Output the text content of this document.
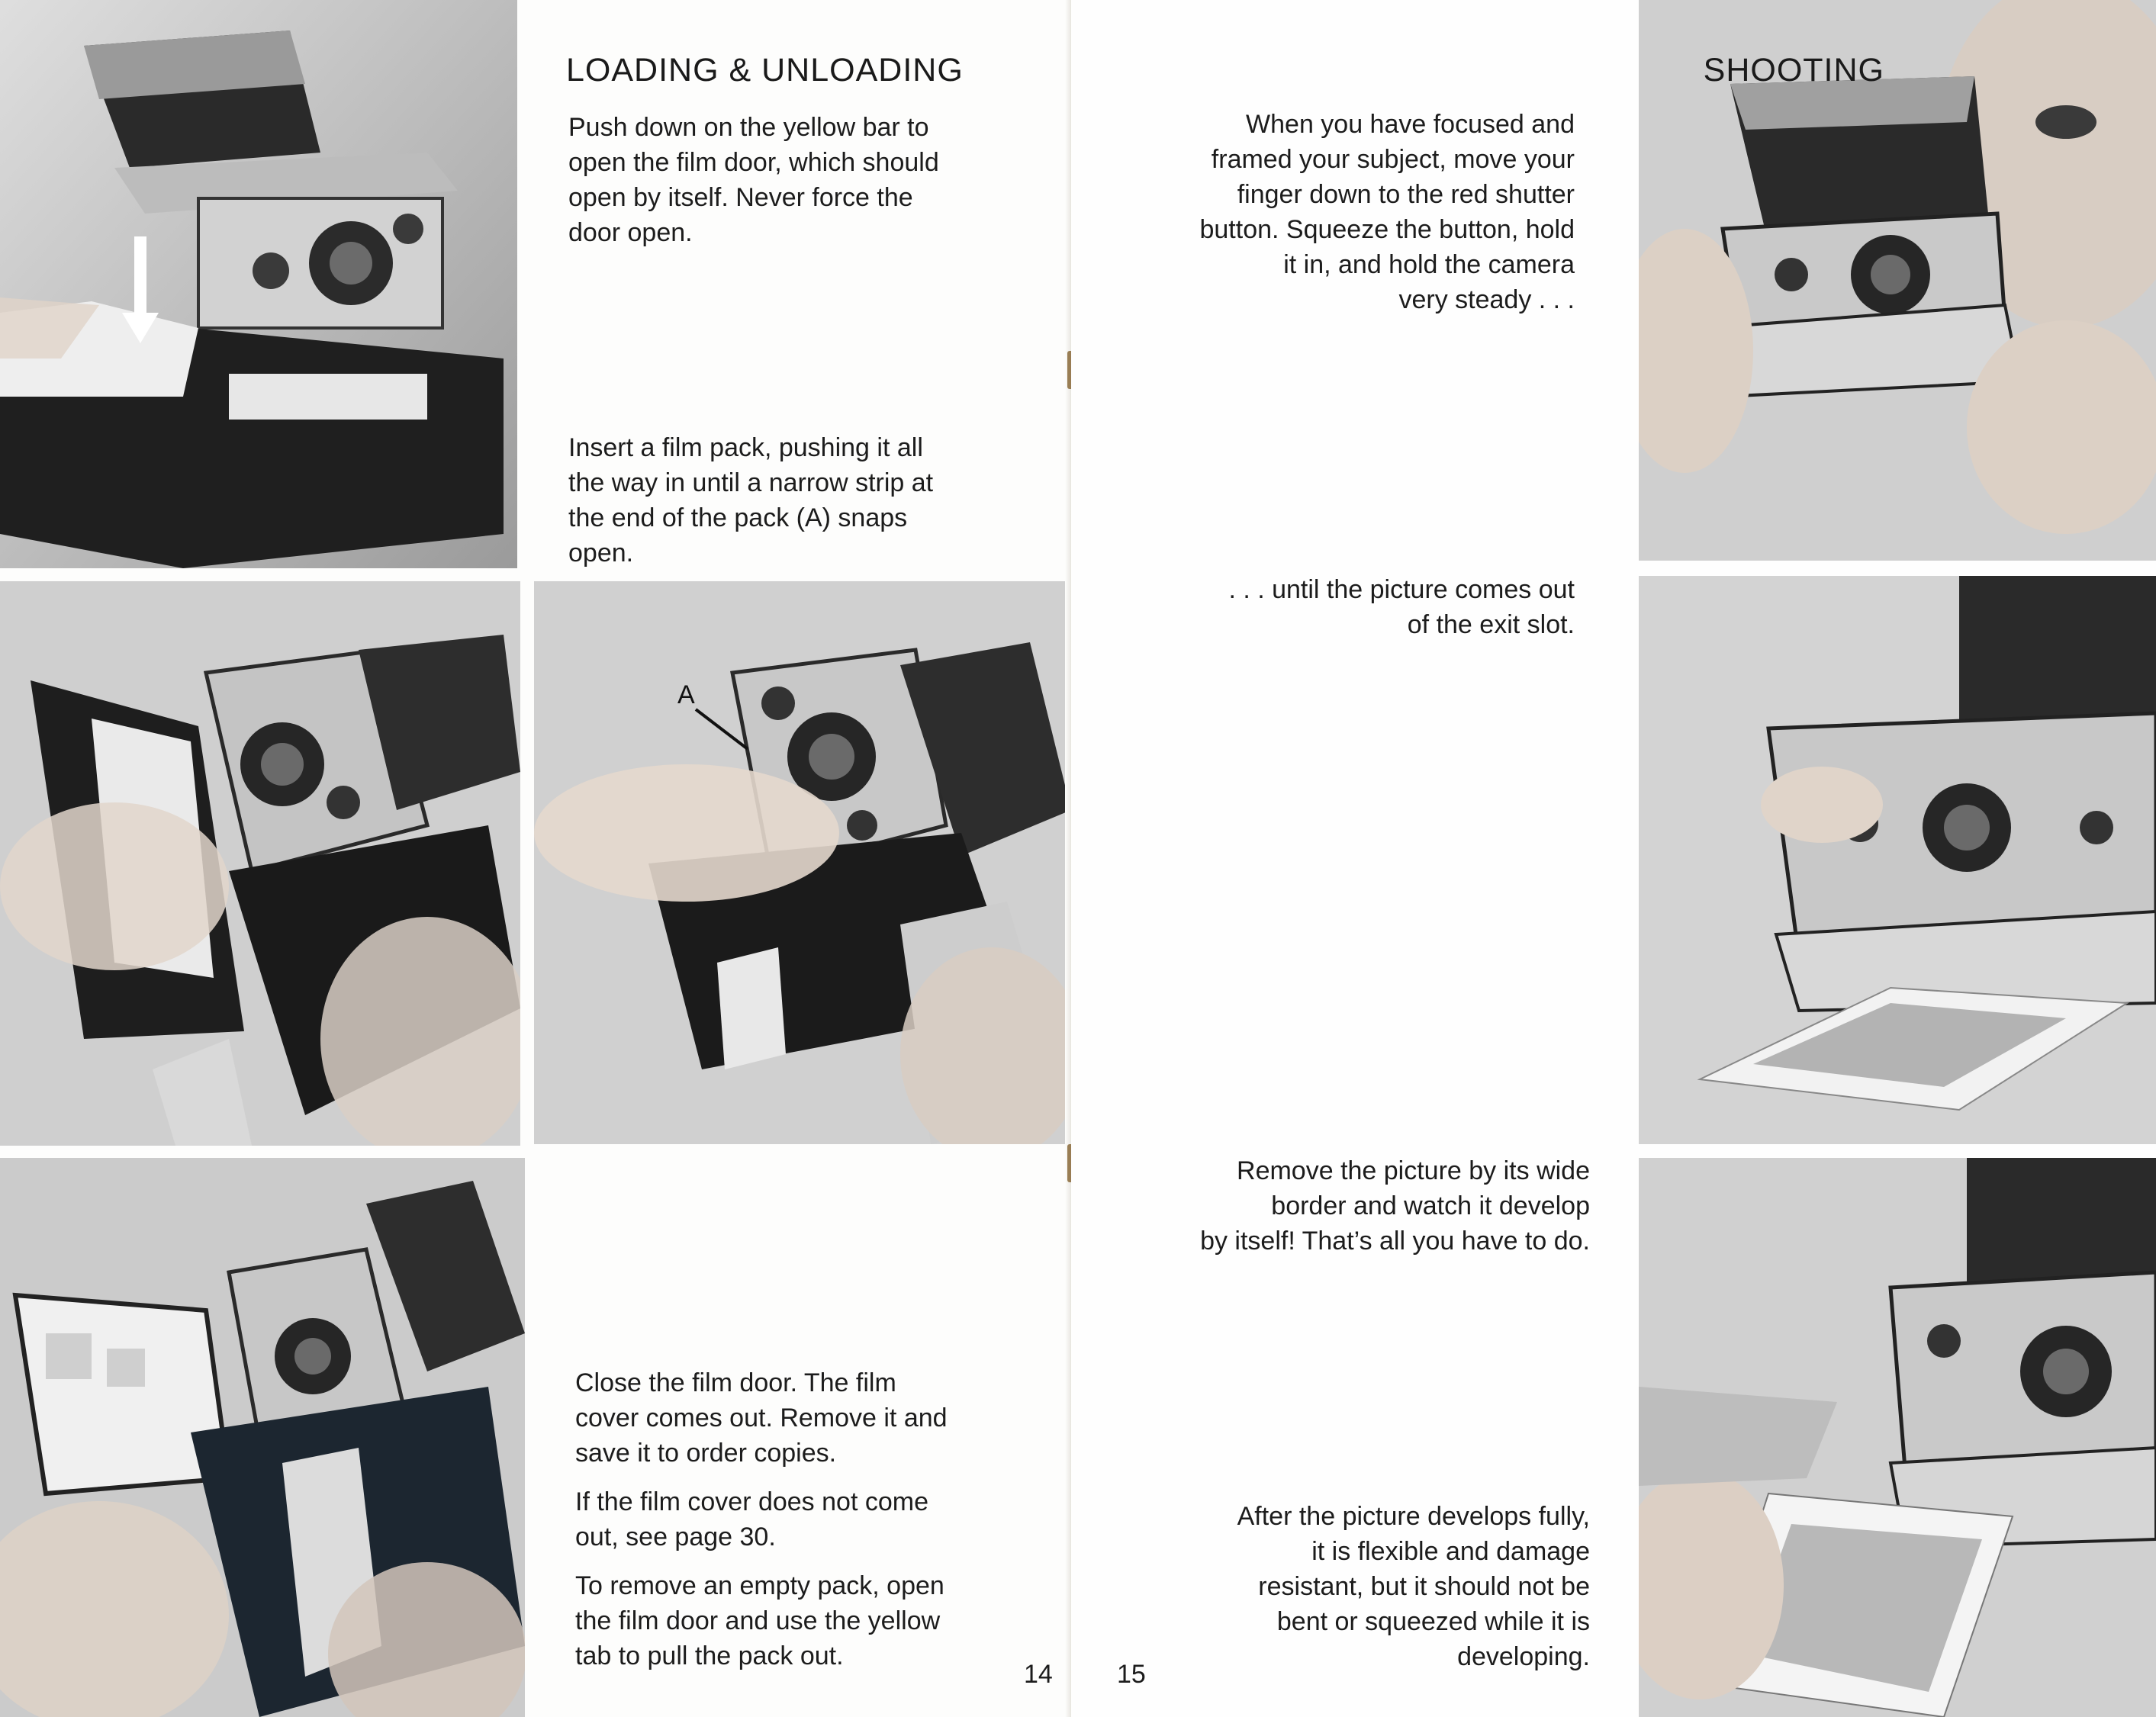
A
LOADING & UNLOADING
Push down on the yellow bar to
open the film door, which should
open by itself. Never force the
door open.
Insert a film pack, pushing it all
the way in until a narrow strip at
the end of the pack (A) snaps
open.
Close the film door. The film
cover comes out. Remove it and
save it to order copies.
If the film cover does not come
out, see page 30.
To remove an empty pack, open
the film door and use the yellow
tab to pull the pack out.
14
SHOOTING
When you have focused and
framed your subject, move your
finger down to the red shutter
button. Squeeze the button, hold
it in, and hold the camera
very steady . . .
. . . until the picture comes out
of the exit slot.
Remove the picture by its wide
border and watch it develop
by itself! That’s all you have to do.
After the picture develops fully,
it is flexible and damage
resistant, but it should not be
bent or squeezed while it is
developing.
15
